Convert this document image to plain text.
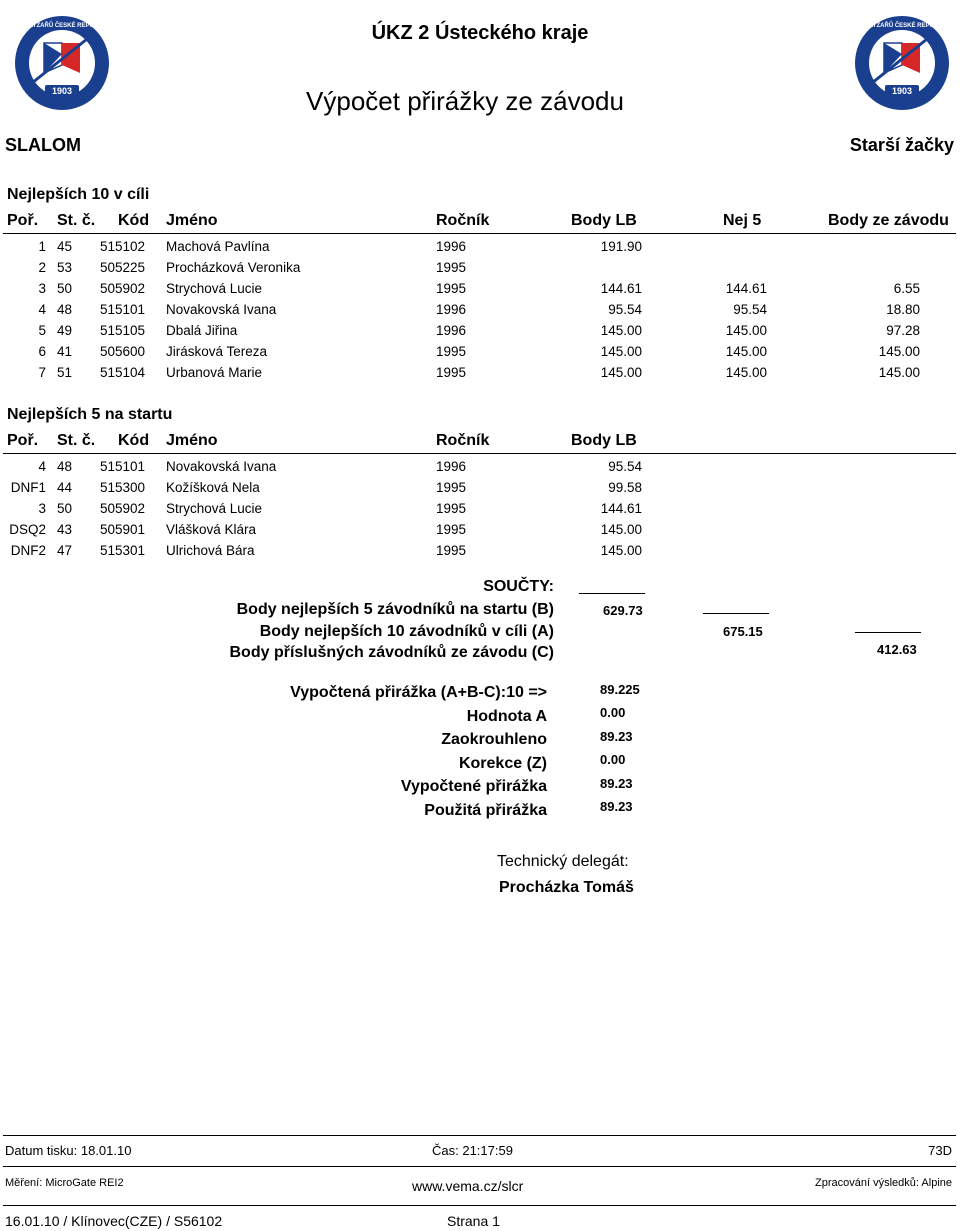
1903
SVAZ LYŽAŘŮ ČESKÉ REPUBLIKY
1903
SVAZ LYŽAŘŮ ČESKÉ REPUBLIKY
ÚKZ 2 Ústeckého kraje
Výpočet přirážky ze závodu
SLALOM	Starší žačky
Nejlepších 10 v cíli
Poř. St. č. Kód Jméno	Ročník	Body LB	Nej 5	Body ze závodu
1 45 515102 Machová Pavlína	1996	191.90
2 53 505225 Procházková Veronika	1995
3 50 505902 Strychová Lucie	1995	144.61	144.61	6.55
4 48 515101 Novakovská Ivana	1996	95.54	95.54	18.80
5 49 515105 Dbalá Jiřina	1996	145.00	145.00	97.28
6 41 505600 Jirásková Tereza	1995	145.00	145.00	145.00
7 51 515104 Urbanová Marie	1995	145.00	145.00	145.00
Nejlepších 5 na startu
Poř. St. č. Kód Jméno	Ročník	Body LB
4 48 515101 Novakovská Ivana	1996	95.54
DNF1 44 515300 Kožíšková Nela	1995	99.58
3 50 505902 Strychová Lucie	1995	144.61
DSQ2 43 505901 Vlášková Klára	1995	145.00
DNF2 47 515301 Ulrichová Bára	1995	145.00
SOUČTY:
Body nejlepších 5 závodníků na startu (B)	629.73
Body nejlepších 10 závodníků v cíli (A)	675.15
Body příslušných závodníků ze závodu (C)	412.63
Vypočtená přirážka (A+B-C):10 =>	89.225
Hodnota A	0.00
Zaokrouhleno	89.23
Korekce (Z)	0.00
Vypočtené přirážka	89.23
Použitá přirážka	89.23
Technický delegát:
Procházka Tomáš
Datum tisku: 18.01.10	Čas: 21:17:59	73D
Měření: MicroGate REI2	www.vema.cz/slcr	Zpracování výsledků: Alpine
16.01.10 / Klínovec(CZE) / S56102	Strana 1
